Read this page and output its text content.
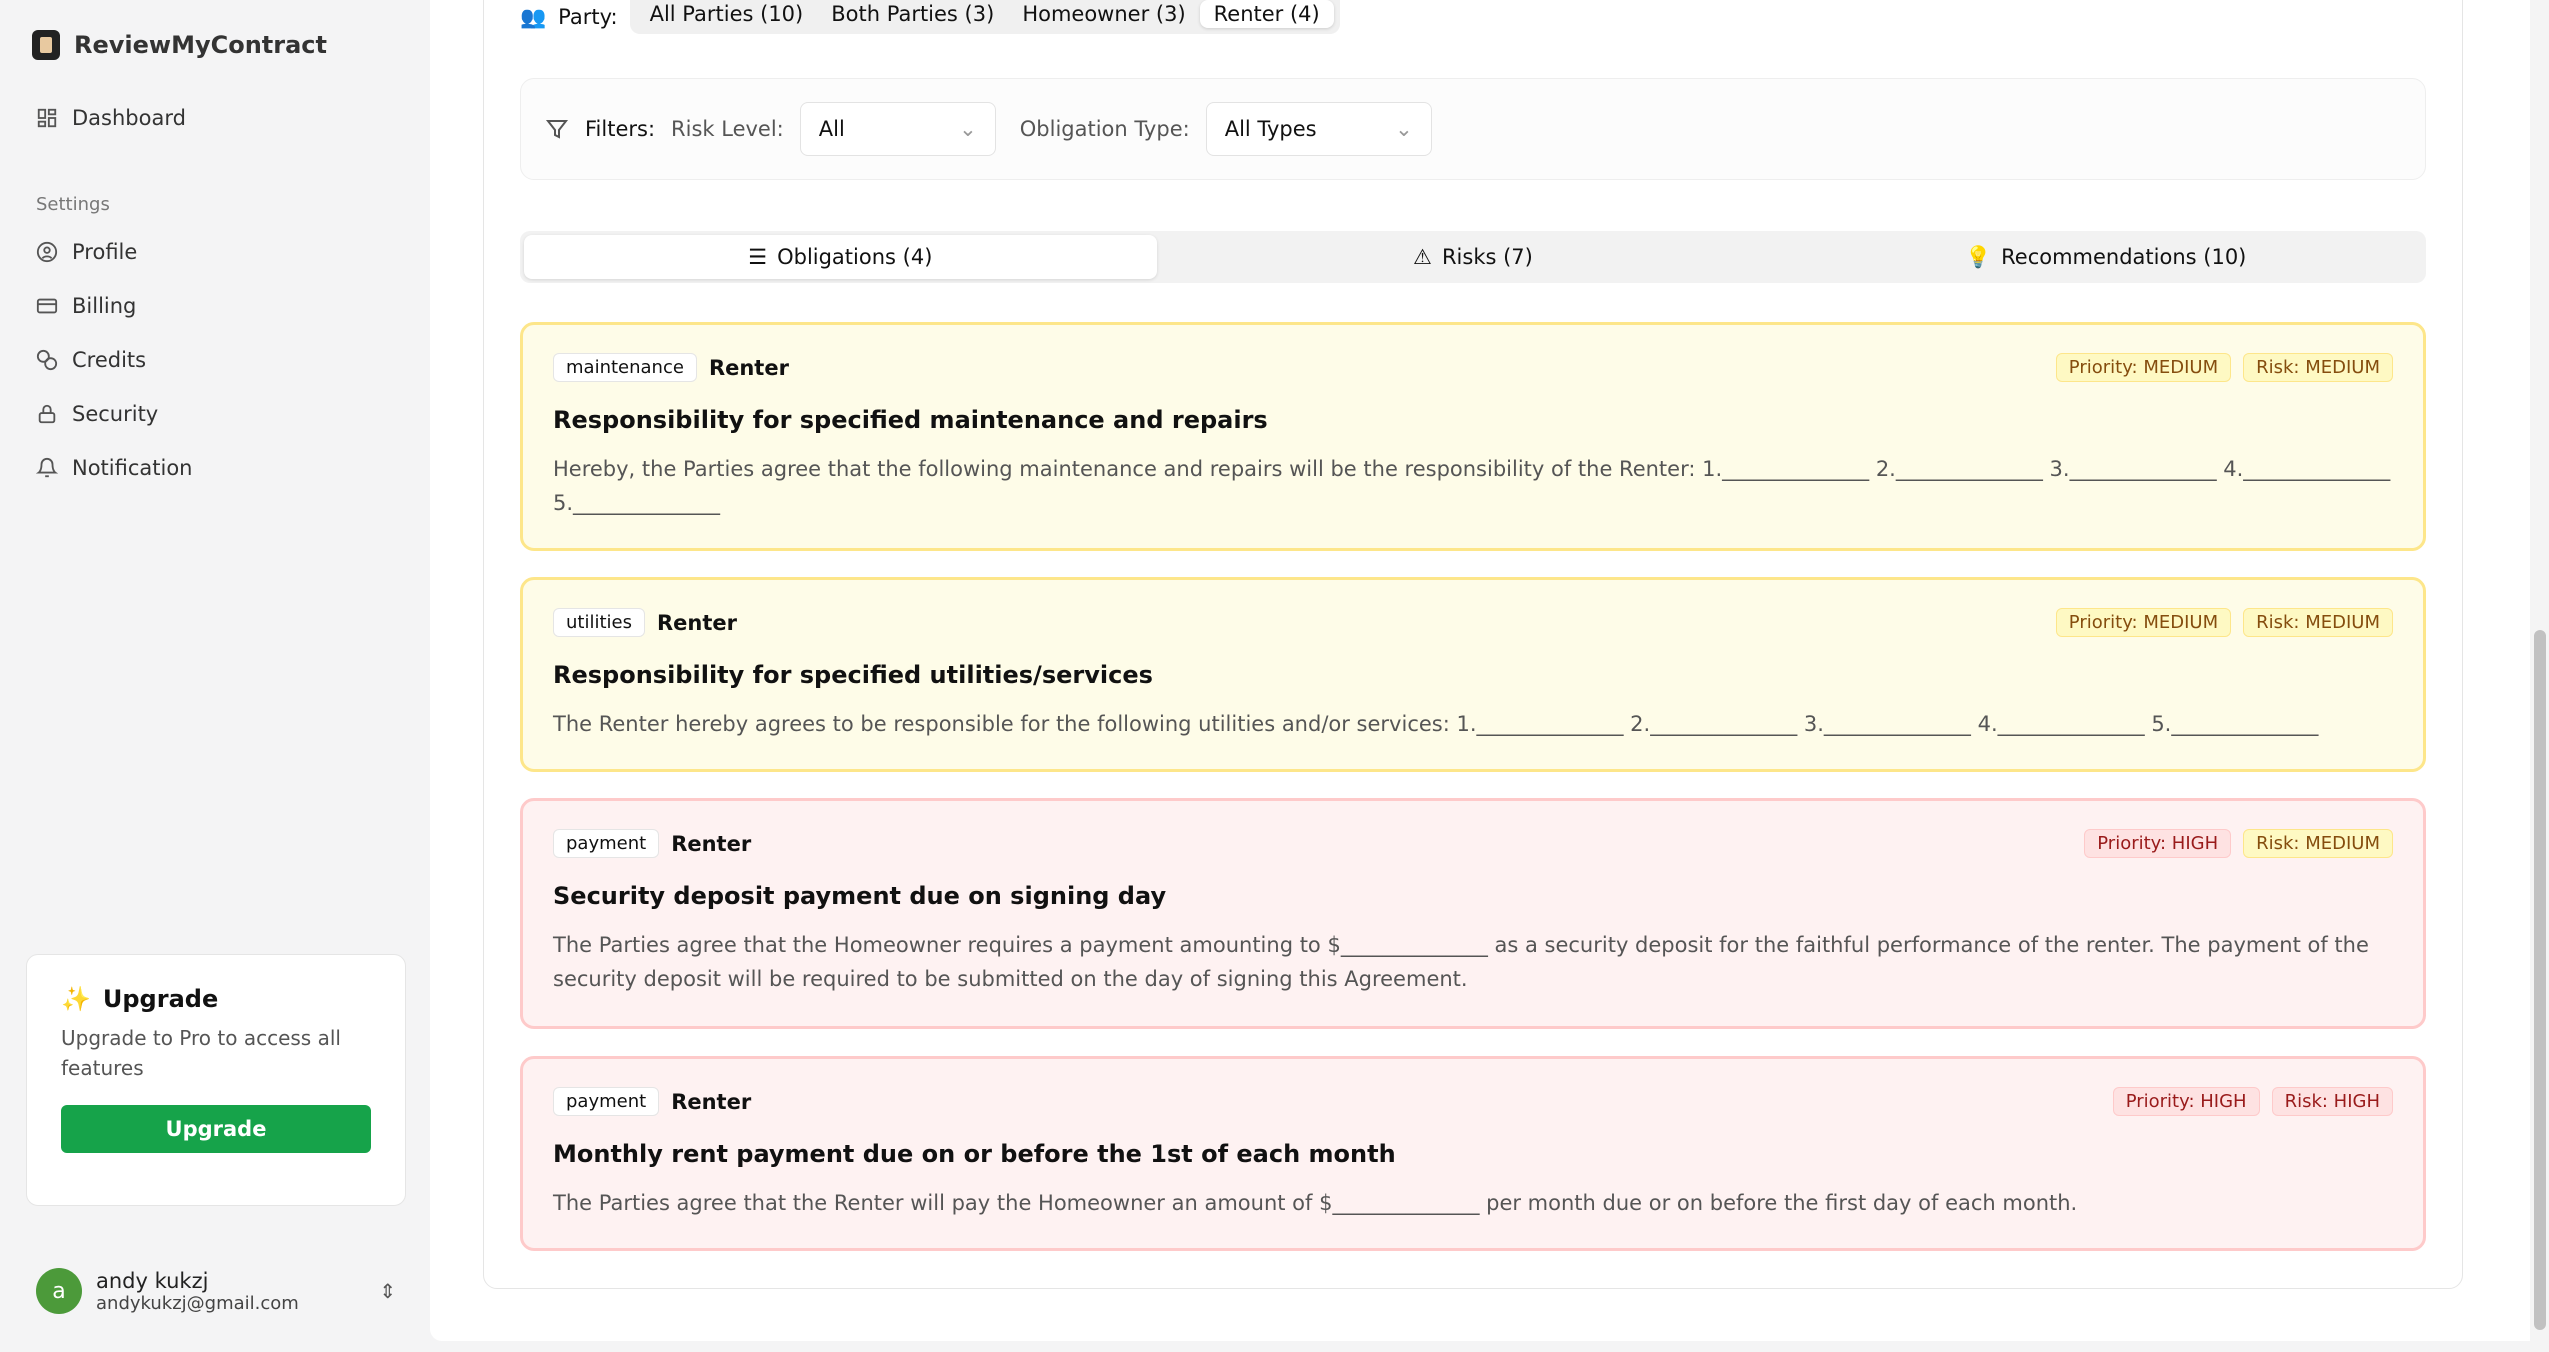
ReviewMyContract
Dashboard
Settings
Profile
Billing
Credits
Security
Notification
✨ Upgrade

Upgrade to Pro to access all features

Upgrade
a	andy kukzj
andykukzj@gmail.com	⇕
👥 Party:	All Parties (10)	Both Parties (3)	Homeowner (3)	Renter (4)
Filters: Risk Level: All	⌄ Obligation Type: All Types	⌄
☰ Obligations (4)	⚠ Risks (7)	💡 Recommendations (10)
maintenance	Renter	Priority: MEDIUM	Risk: MEDIUM
Responsibility for specified maintenance and repairs

Hereby, the Parties agree that the following maintenance and repairs will be the responsibility of the Renter: 1.______________ 2.______________ 3.______________ 4.______________ 5.______________

utilities	Renter	Priority: MEDIUM	Risk: MEDIUM
Responsibility for specified utilities/services

The Renter hereby agrees to be responsible for the following utilities and/or services: 1.______________ 2.______________ 3.______________ 4.______________ 5.______________

payment	Renter	Priority: HIGH	Risk: MEDIUM
Security deposit payment due on signing day

The Parties agree that the Homeowner requires a payment amounting to $______________ as a security deposit for the faithful performance of the renter. The payment of the security deposit will be required to be submitted on the day of signing this Agreement.

payment	Renter	Priority: HIGH	Risk: HIGH
Monthly rent payment due on or before the 1st of each month

The Parties agree that the Renter will pay the Homeowner an amount of $______________ per month due or on before the first day of each month.
